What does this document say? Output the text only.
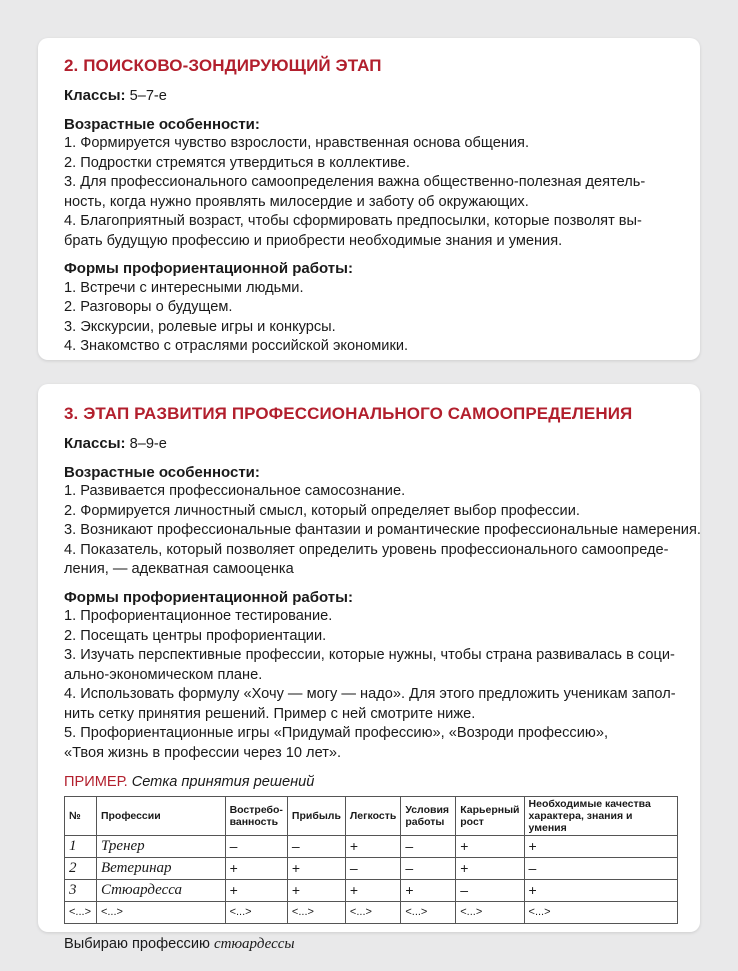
2. ПОИСКОВО-ЗОНДИРУЮЩИЙ ЭТАП
Классы: 5–7-е
Возрастные особенности:
1. Формируется чувство взрослости, нравственная основа общения.
2. Подростки стремятся утвердиться в коллективе.
3. Для профессионального самоопределения важна общественно-полезная деятель-
ность, когда нужно проявлять милосердие и заботу об окружающих.
4. Благоприятный возраст, чтобы сформировать предпосылки, которые позволят вы-
брать будущую профессию и приобрести необходимые знания и умения.
Формы профориентационной работы:
1. Встречи с интересными людьми.
2. Разговоры о будущем.
3. Экскурсии, ролевые игры и конкурсы.
4. Знакомство с отраслями российской экономики.
3. ЭТАП РАЗВИТИЯ ПРОФЕССИОНАЛЬНОГО САМООПРЕДЕЛЕНИЯ
Классы: 8–9-е
Возрастные особенности:
1. Развивается профессиональное самосознание.
2. Формируется личностный смысл, который определяет выбор профессии.
3. Возникают профессиональные фантазии и романтические профессиональные намерения.
4. Показатель, который позволяет определить уровень профессионального самоопреде-
ления, — адекватная самооценка
Формы профориентационной работы:
1. Профориентационное тестирование.
2. Посещать центры профориентации.
3. Изучать перспективные профессии, которые нужны, чтобы страна развивалась в соци-
ально-экономическом плане.
4. Использовать формулу «Хочу — могу — надо». Для этого предложить ученикам запол-
нить сетку принятия решений. Пример с ней смотрите ниже.
5. Профориентационные игры «Придумай профессию», «Возроди профессию»,
«Твоя жизнь в профессии через 10 лет».
ПРИМЕР. Сетка принятия решений
№	Профессии	Востребо-ванность	Прибыль	Легкость	Условия работы	Карьерный рост	Необходимые качества характера, знания и умения
1	Тренер	–	–	+	–	+	+
2	Ветеринар	+	+	–	–	+	–
3	Стюардесса	+	+	+	+	–	+
<...>	<...>	<...>	<...>	<...>	<...>	<...>	<...>
Выбираю профессию стюардессы
